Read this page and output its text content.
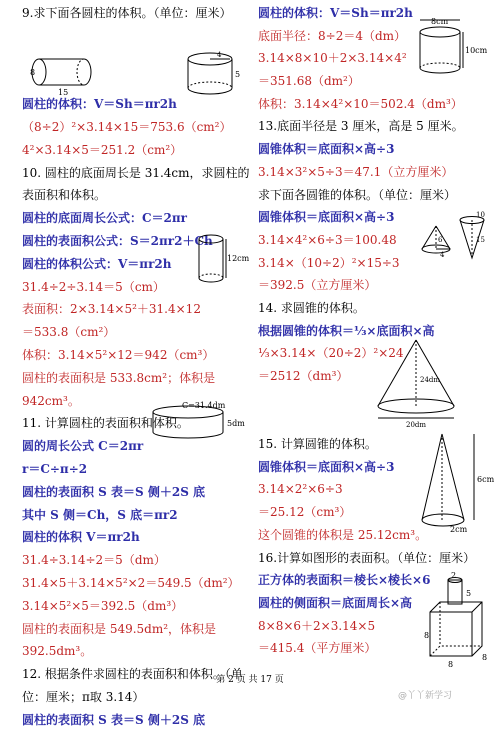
9.求下面各圆柱的体积。（单位：厘米）
圆柱的体积：V＝Sh＝πr2h
（8÷2）²×3.14×15＝753.6（cm²）
4²×3.14×5＝251.2（cm²）
10. 圆柱的底面周长是 31.4cm，求圆柱的
表面积和体积。
圆柱的底面周长公式：C＝2πr
圆柱的表面积公式：S＝2πr2＋Ch
圆柱的体积公式：V＝πr2h
31.4÷2÷3.14＝5（cm）
表面积：2×3.14×5²＋31.4×12
＝533.8（cm²）
体积：3.14×5²×12＝942（cm³）
圆柱的表面积是 533.8cm²；体积是
942cm³。
11. 计算圆柱的表面积和体积。
圆的周长公式 C＝2πr
r＝C÷π÷2
圆柱的表面积 S 表＝S 侧＋2S 底
其中 S 侧＝Ch，S 底＝πr2
圆柱的体积 V＝πr2h
31.4÷3.14÷2＝5（dm）
31.4×5＋3.14×5²×2＝549.5（dm²）
3.14×5²×5＝392.5（dm³）
圆柱的表面积是 549.5dm²，体积是
392.5dm³。
12. 根据条件求圆柱的表面积和体积。（单
位：厘米；π取 3.14）
圆柱的表面积 S 表＝S 侧＋2S 底
圆柱的体积：V＝Sh＝πr2h
底面半径：8÷2＝4（dm）
3.14×8×10＋2×3.14×4²
＝351.68（dm²）
体积：3.14×4²×10＝502.4（dm³）
13.底面半径是 3 厘米，高是 5 厘米。
圆锥体积＝底面积×高÷3
3.14×3²×5÷3＝47.1（立方厘米）
求下面各圆锥的体积。（单位：厘米）
圆锥体积＝底面积×高÷3
3.14×4²×6÷3＝100.48
3.14×（10÷2）²×15÷3
＝392.5（立方厘米）
14. 求圆锥的体积。
根据圆锥的体积＝⅓×底面积×高
⅓×3.14×（20÷2）²×24
＝2512（dm³）
15. 计算圆锥的体积。
圆锥体积＝底面积×高÷3
3.14×2²×6÷3
＝25.12（cm³）
这个圆锥的体积是 25.12cm³。
16.计算如图形的表面积。（单位：厘米）
正方体的表面积＝棱长×棱长×6
圆柱的侧面积＝底面周长×高
8×8×6＋2×3.14×5
＝415.4（平方厘米）
8
15
4
5
12cm
C=31.4dm
5dm
8cm
10cm
6
4
10
15
24dm
20dm
6cm
2cm
2
5
8
8
8
第 2 页 共 17 页
@丫丫新学习
